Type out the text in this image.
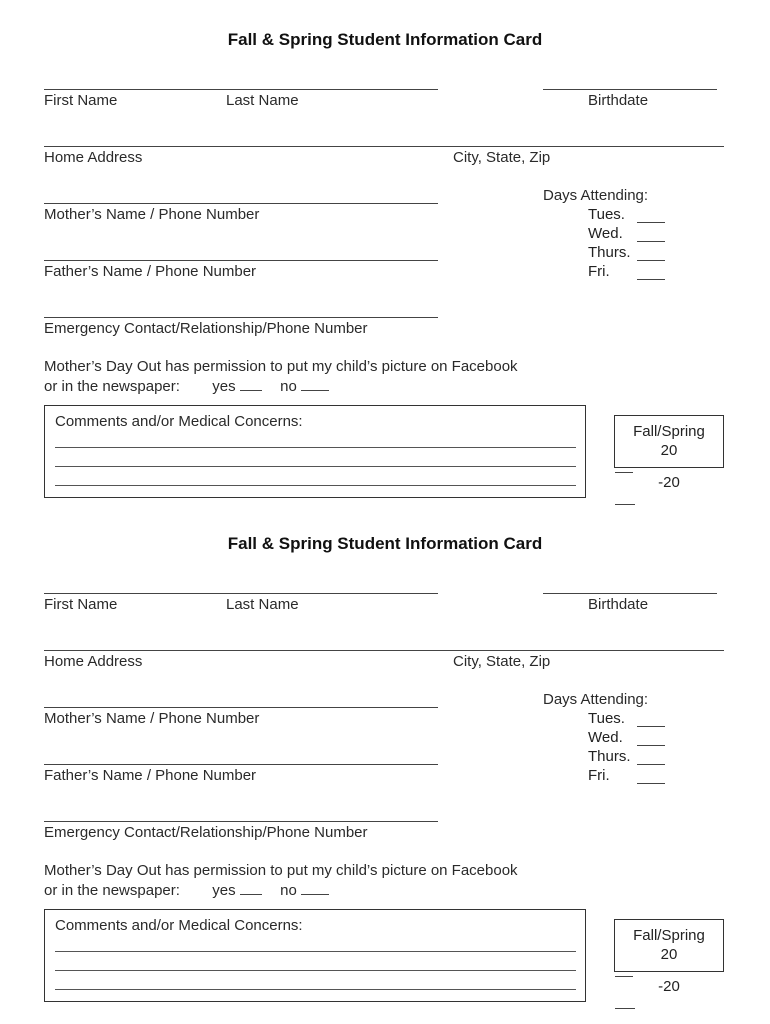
Fall & Spring Student Information Card
First Name	Last Name	Birthdate
Home Address	City, State, Zip
Mother’s Name / Phone Number
Father’s Name / Phone Number
Emergency Contact/Relationship/Phone Number
Days Attending:
Tues.
Wed.
Thurs.
Fri.
Mother’s Day Out has permission to put my child’s picture on Facebook
or in the newspaper: yes	no
Comments and/or Medical Concerns:
Fall/Spring
20
-20
Fall & Spring Student Information Card
First Name	Last Name	Birthdate
Home Address	City, State, Zip
Mother’s Name / Phone Number
Father’s Name / Phone Number
Emergency Contact/Relationship/Phone Number
Days Attending:
Tues.
Wed.
Thurs.
Fri.
Mother’s Day Out has permission to put my child’s picture on Facebook
or in the newspaper: yes	no
Comments and/or Medical Concerns:
Fall/Spring
20
-20
